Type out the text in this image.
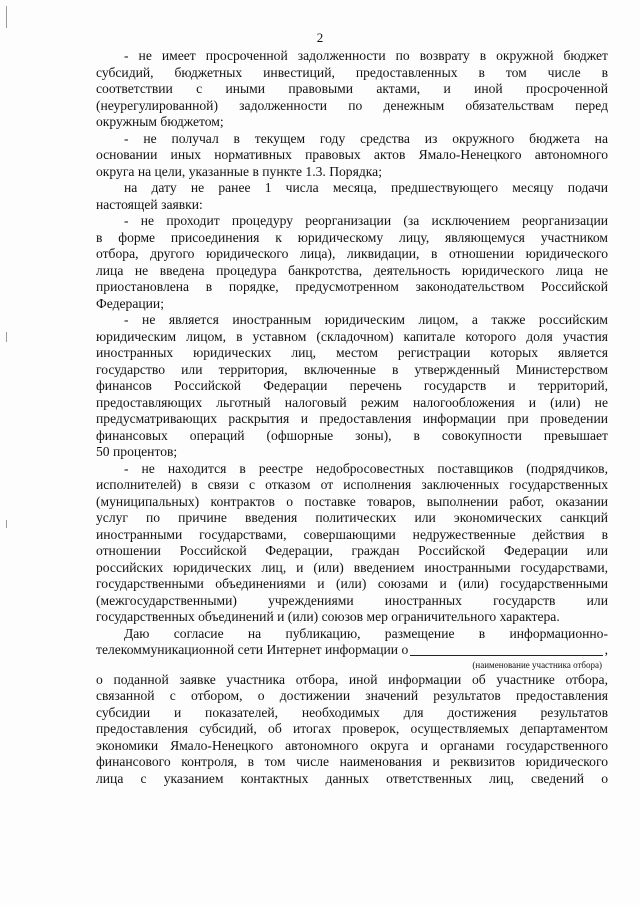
2
- не имеет просроченной задолженности по возврату в окружной бюджет
субсидий, бюджетных инвестиций, предоставленных в том числе в
соответствии с иными правовыми актами, и иной просроченной
(неурегулированной) задолженности по денежным обязательствам перед
окружным бюджетом;
- не получал в текущем году средства из окружного бюджета на
основании иных нормативных правовых актов Ямало-Ненецкого автономного
округа на цели, указанные в пункте 1.3. Порядка;
на дату не ранее 1 числа месяца, предшествующего месяцу подачи
настоящей заявки:
- не проходит процедуру реорганизации (за исключением реорганизации
в форме присоединения к юридическому лицу, являющемуся участником
отбора, другого юридического лица), ликвидации, в отношении юридического
лица не введена процедура банкротства, деятельность юридического лица не
приостановлена в порядке, предусмотренном законодательством Российской
Федерации;
- не является иностранным юридическим лицом, а также российским
юридическим лицом, в уставном (складочном) капитале которого доля участия
иностранных юридических лиц, местом регистрации которых является
государство или территория, включенные в утвержденный Министерством
финансов Российской Федерации перечень государств и территорий,
предоставляющих льготный налоговый режим налогообложения и (или) не
предусматривающих раскрытия и предоставления информации при проведении
финансовых операций (офшорные зоны), в совокупности превышает
50 процентов;
- не находится в реестре недобросовестных поставщиков (подрядчиков,
исполнителей) в связи с отказом от исполнения заключенных государственных
(муниципальных) контрактов о поставке товаров, выполнении работ, оказании
услуг по причине введения политических или экономических санкций
иностранными государствами, совершающими недружественные действия в
отношении Российской Федерации, граждан Российской Федерации или
российских юридических лиц, и (или) введением иностранными государствами,
государственными объединениями и (или) союзами и (или) государственными
(межгосударственными) учреждениями иностранных государств или
государственных объединений и (или) союзов мер ограничительного характера.
Даю согласие на публикацию, размещение в информационно-
телекоммуникационной сети Интернет информации о	,
(наименование участника отбора)
о поданной заявке участника отбора, иной информации об участнике отбора,
связанной с отбором, о достижении значений результатов предоставления
субсидии и показателей, необходимых для достижения результатов
предоставления субсидий, об итогах проверок, осуществляемых департаментом
экономики Ямало-Ненецкого автономного округа и органами государственного
финансового контроля, в том числе наименования и реквизитов юридического
лица с указанием контактных данных ответственных лиц, сведений о
